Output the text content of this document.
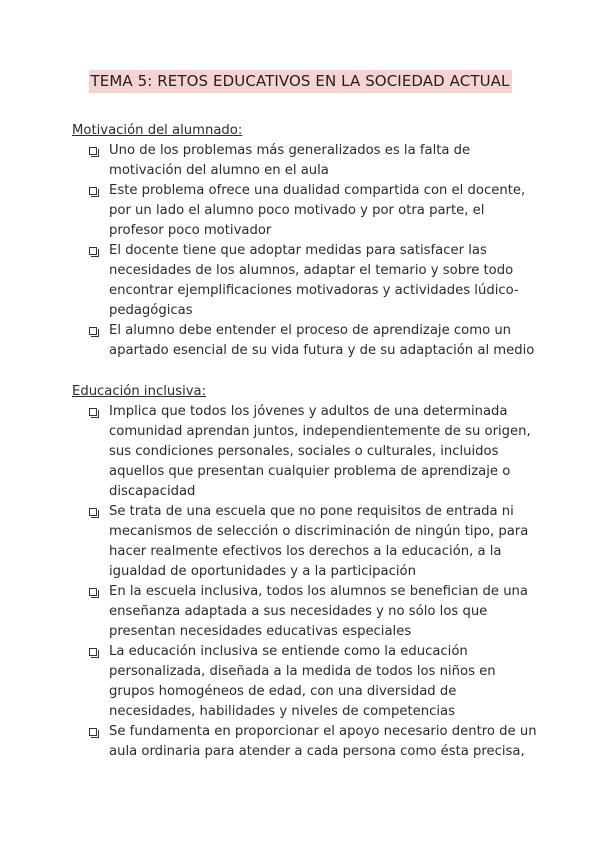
TEMA 5: RETOS EDUCATIVOS EN LA SOCIEDAD ACTUAL
Motivación del alumnado:
Uno de los problemas más generalizados es la falta de motivación del alumno en el aula
Este problema ofrece una dualidad compartida con el docente, por un lado el alumno poco motivado y por otra parte, el profesor poco motivador
El docente tiene que adoptar medidas para satisfacer las necesidades de los alumnos, adaptar el temario y sobre todo encontrar ejemplificaciones motivadoras y actividades lúdico-pedagógicas
El alumno debe entender el proceso de aprendizaje como un apartado esencial de su vida futura y de su adaptación al medio
Educación inclusiva:
Implica que todos los jóvenes y adultos de una determinada comunidad aprendan juntos, independientemente de su origen, sus condiciones personales, sociales o culturales, incluidos aquellos que presentan cualquier problema de aprendizaje o discapacidad
Se trata de una escuela que no pone requisitos de entrada ni mecanismos de selección o discriminación de ningún tipo, para hacer realmente efectivos los derechos a la educación, a la igualdad de oportunidades y a la participación
En la escuela inclusiva, todos los alumnos se benefician de una enseñanza adaptada a sus necesidades y no sólo los que presentan necesidades educativas especiales
La educación inclusiva se entiende como la educación personalizada, diseñada a la medida de todos los niños en grupos homogéneos de edad, con una diversidad de necesidades, habilidades y niveles de competencias
Se fundamenta en proporcionar el apoyo necesario dentro de un aula ordinaria para atender a cada persona como ésta precisa,
